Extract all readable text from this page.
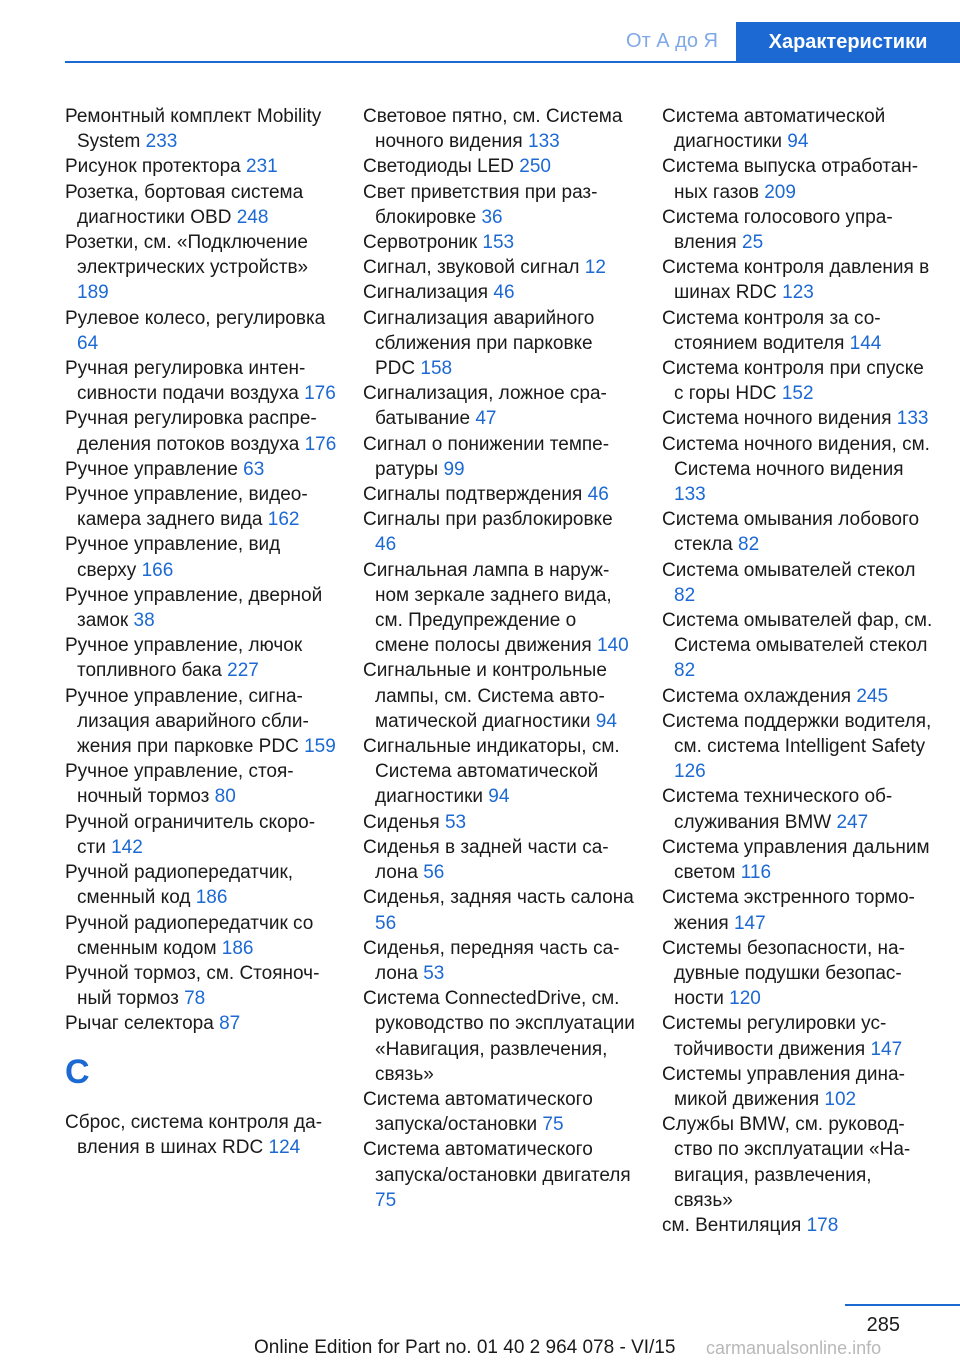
От А до Я	Характеристики
Ремонтный комплект Mobility System 233
Рисунок протектора 231
Розетка, бортовая система диагностики OBD 248
Розетки, см. «Подключение электрических устройств» 189
Рулевое колесо, регулировка 64
Ручная регулировка интенсивности подачи воздуха 176
Ручная регулировка распределения потоков воздуха 176
Ручное управление 63
Ручное управление, видеокамера заднего вида 162
Ручное управление, вид сверху 166
Ручное управление, дверной замок 38
Ручное управление, лючок топливного бака 227
Ручное управление, сигнализация аварийного сближения при парковке PDC 159
Ручное управление, стояночный тормоз 80
Ручной ограничитель скорости 142
Ручной радиопередатчик, сменный код 186
Ручной радиопередатчик со сменным кодом 186
Ручной тормоз, см. Стояночный тормоз 78
Рычаг селектора 87
С
Сброс, система контроля давления в шинах RDC 124
Световое пятно, см. Система ночного видения 133
Светодиоды LED 250
Свет приветствия при разблокировке 36
Сервотроник 153
Сигнал, звуковой сигнал 12
Сигнализация 46
Сигнализация аварийного сближения при парковке PDC 158
Сигнализация, ложное срабатывание 47
Сигнал о понижении температуры 99
Сигналы подтверждения 46
Сигналы при разблокировке 46
Сигнальная лампа в наружном зеркале заднего вида, см. Предупреждение о смене полосы движения 140
Сигнальные и контрольные лампы, см. Система автоматической диагностики 94
Сигнальные индикаторы, см. Система автоматической диагностики 94
Сиденья 53
Сиденья в задней части салона 56
Сиденья, задняя часть салона 56
Сиденья, передняя часть салона 53
Система ConnectedDrive, см. руководство по эксплуатации «Навигация, развлечения, связь»
Система автоматического запуска/остановки 75
Система автоматического запуска/остановки двигателя 75
Система автоматической диагностики 94
Система выпуска отработанных газов 209
Система голосового управления 25
Система контроля давления в шинах RDC 123
Система контроля за состоянием водителя 144
Система контроля при спуске с горы HDC 152
Система ночного видения 133
Система ночного видения, см. Система ночного видения 133
Система омывания лобового стекла 82
Система омывателей стекол 82
Система омывателей фар, см. Система омывателей стекол 82
Система охлаждения 245
Система поддержки водителя, см. система Intelligent Safety 126
Система технического обслуживания BMW 247
Система управления дальним светом 116
Система экстренного торможения 147
Системы безопасности, надувные подушки безопасности 120
Системы регулировки устойчивости движения 147
Системы управления динамикой движения 102
Службы BMW, см. руководство по эксплуатации «Навигация, развлечения, связь»
см. Вентиляция 178
285
Online Edition for Part no. 01 40 2 964 078 - VI/15 carmanualsonline.info
